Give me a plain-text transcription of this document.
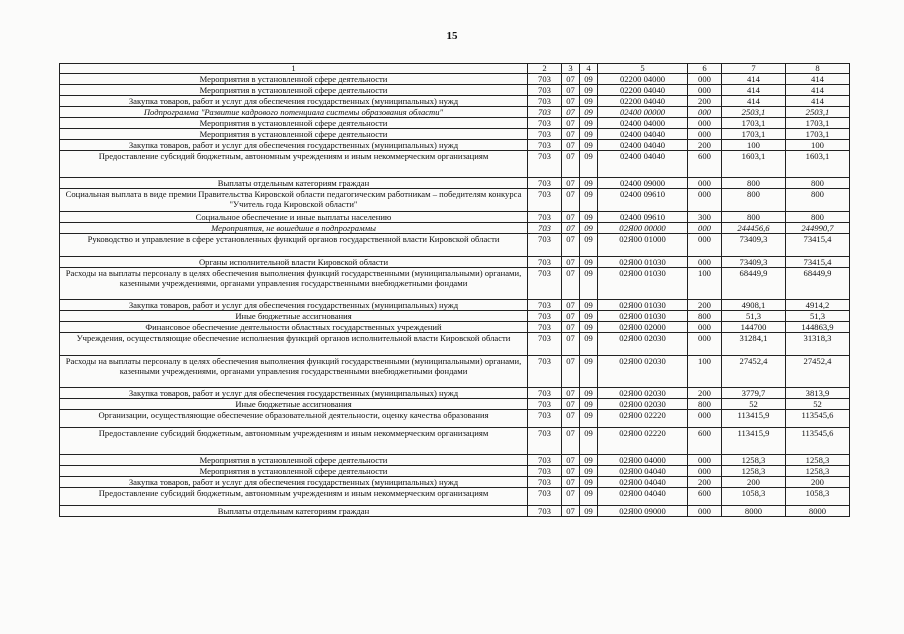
15
1	2	3	4	5	6	7	8
Мероприятия в установленной сфере деятельности	703	07	09	02200 04000	000	414	414
Мероприятия в установленной сфере деятельности	703	07	09	02200 04040	000	414	414
Закупка товаров, работ и услуг для обеспечения государственных (муниципальных) нужд	703	07	09	02200 04040	200	414	414
Подпрограмма "Развитие кадрового потенциала системы образования области"	703	07	09	02400 00000	000	2503,1	2503,1
Мероприятия в установленной сфере деятельности	703	07	09	02400 04000	000	1703,1	1703,1
Мероприятия в установленной сфере деятельности	703	07	09	02400 04040	000	1703,1	1703,1
Закупка товаров, работ и услуг для обеспечения государственных (муниципальных) нужд	703	07	09	02400 04040	200	100	100
Предоставление субсидий бюджетным, автономным учреждениям и иным некоммерческим организациям	703	07	09	02400 04040	600	1603,1	1603,1
Выплаты отдельным категориям граждан	703	07	09	02400 09000	000	800	800
Социальная выплата в виде премии Правительства Кировской области педагогическим работникам – победителям конкурса "Учитель года Кировской области"	703	07	09	02400 09610	000	800	800
Социальное обеспечение и иные выплаты населению	703	07	09	02400 09610	300	800	800
Мероприятия, не вошедшие в подпрограммы	703	07	09	02Я00 00000	000	244456,6	244990,7
Руководство и управление в сфере установленных функций органов государственной власти Кировской области	703	07	09	02Я00 01000	000	73409,3	73415,4
Органы исполнительной власти Кировской области	703	07	09	02Я00 01030	000	73409,3	73415,4
Расходы на выплаты персоналу в целях обеспечения выполнения функций государственными (муниципальными) органами, казенными учреждениями, органами управления государственными внебюджетными фондами	703	07	09	02Я00 01030	100	68449,9	68449,9
Закупка товаров, работ и услуг для обеспечения государственных (муниципальных) нужд	703	07	09	02Я00 01030	200	4908,1	4914,2
Иные бюджетные ассигнования	703	07	09	02Я00 01030	800	51,3	51,3
Финансовое обеспечение деятельности областных государственных учреждений	703	07	09	02Я00 02000	000	144700	144863,9
Учреждения, осуществляющие обеспечение исполнения функций органов исполнительной власти Кировской области	703	07	09	02Я00 02030	000	31284,1	31318,3
Расходы на выплаты персоналу в целях обеспечения выполнения функций государственными (муниципальными) органами, казенными учреждениями, органами управления государственными внебюджетными фондами	703	07	09	02Я00 02030	100	27452,4	27452,4
Закупка товаров, работ и услуг для обеспечения государственных (муниципальных) нужд	703	07	09	02Я00 02030	200	3779,7	3813,9
Иные бюджетные ассигнования	703	07	09	02Я00 02030	800	52	52
Организации, осуществляющие обеспечение образовательной деятельности, оценку качества образования	703	07	09	02Я00 02220	000	113415,9	113545,6
Предоставление субсидий бюджетным, автономным учреждениям и иным некоммерческим организациям	703	07	09	02Я00 02220	600	113415,9	113545,6
Мероприятия в установленной сфере деятельности	703	07	09	02Я00 04000	000	1258,3	1258,3
Мероприятия в установленной сфере деятельности	703	07	09	02Я00 04040	000	1258,3	1258,3
Закупка товаров, работ и услуг для обеспечения государственных (муниципальных) нужд	703	07	09	02Я00 04040	200	200	200
Предоставление субсидий бюджетным, автономным учреждениям и иным некоммерческим организациям	703	07	09	02Я00 04040	600	1058,3	1058,3
Выплаты отдельным категориям граждан	703	07	09	02Я00 09000	000	8000	8000
